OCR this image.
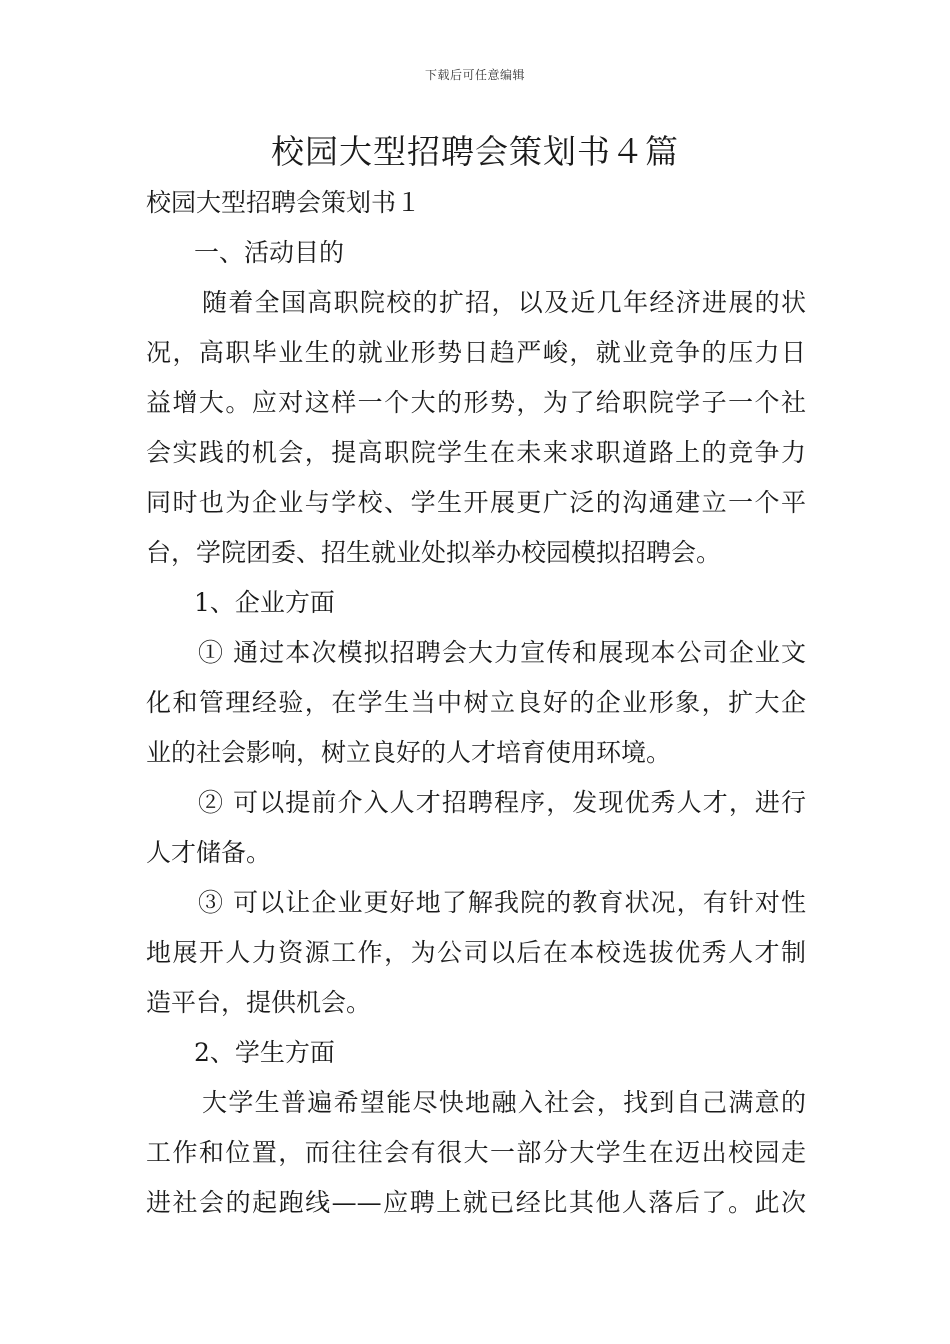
下载后可任意编辑
校园大型招聘会策划书４篇
校园大型招聘会策划书１
一、活动目的
随着全国高职院校的扩招，以及近几年经济进展的状
况，高职毕业生的就业形势日趋严峻，就业竞争的压力日
益增大。应对这样一个大的形势，为了给职院学子一个社
会实践的机会，提高职院学生在未来求职道路上的竞争力
同时也为企业与学校、学生开展更广泛的沟通建立一个平
台，学院团委、招生就业处拟举办校园模拟招聘会。
1、企业方面
① 通过本次模拟招聘会大力宣传和展现本公司企业文
化和管理经验，在学生当中树立良好的企业形象，扩大企
业的社会影响，树立良好的人才培育使用环境。
② 可以提前介入人才招聘程序，发现优秀人才，进行
人才储备。
③ 可以让企业更好地了解我院的教育状况，有针对性
地展开人力资源工作，为公司以后在本校选拔优秀人才制
造平台，提供机会。
2、学生方面
大学生普遍希望能尽快地融入社会，找到自己满意的
工作和位置，而往往会有很大一部分大学生在迈出校园走
进社会的起跑线——应聘上就已经比其他人落后了。此次
